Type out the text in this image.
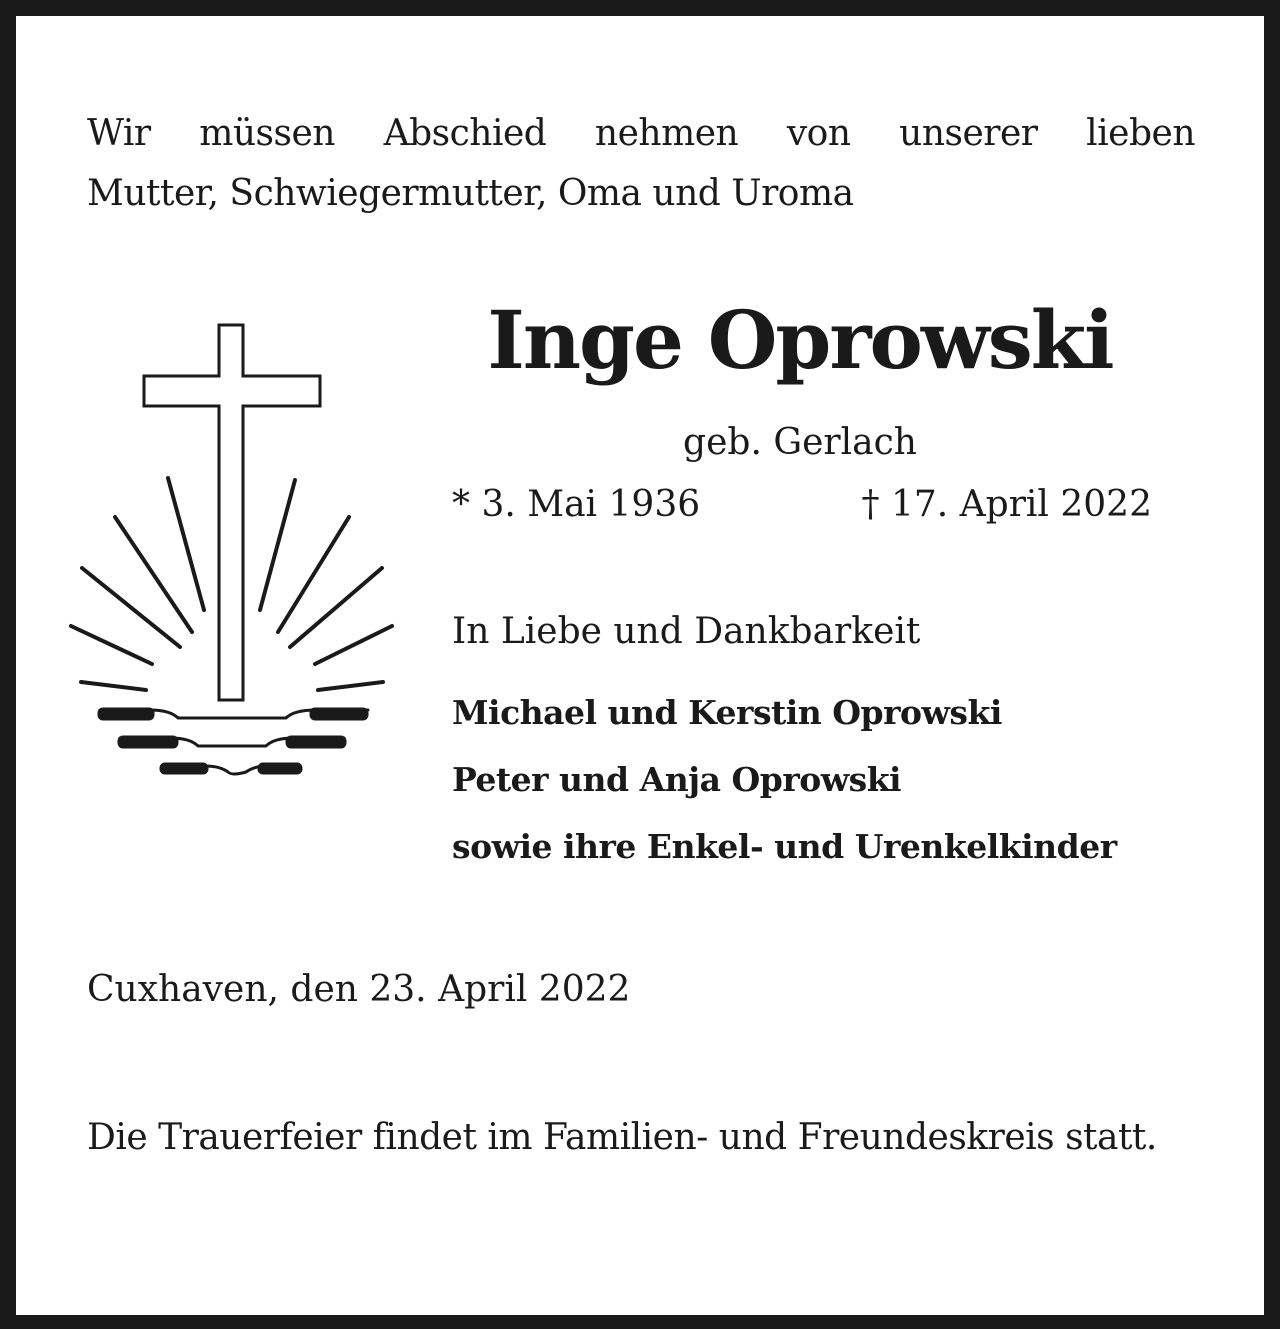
Wir müssen Abschied nehmen von unserer lieben
Mutter, Schwiegermutter, Oma und Uroma
Inge Oprowski
geb. Gerlach
* 3. Mai 1936	† 17. April 2022
In Liebe und Dankbarkeit
Michael und Kerstin Oprowski
Peter und Anja Oprowski
sowie ihre Enkel- und Urenkelkinder
Cuxhaven, den 23. April 2022
Die Trauerfeier findet im Familien- und Freundeskreis statt.
